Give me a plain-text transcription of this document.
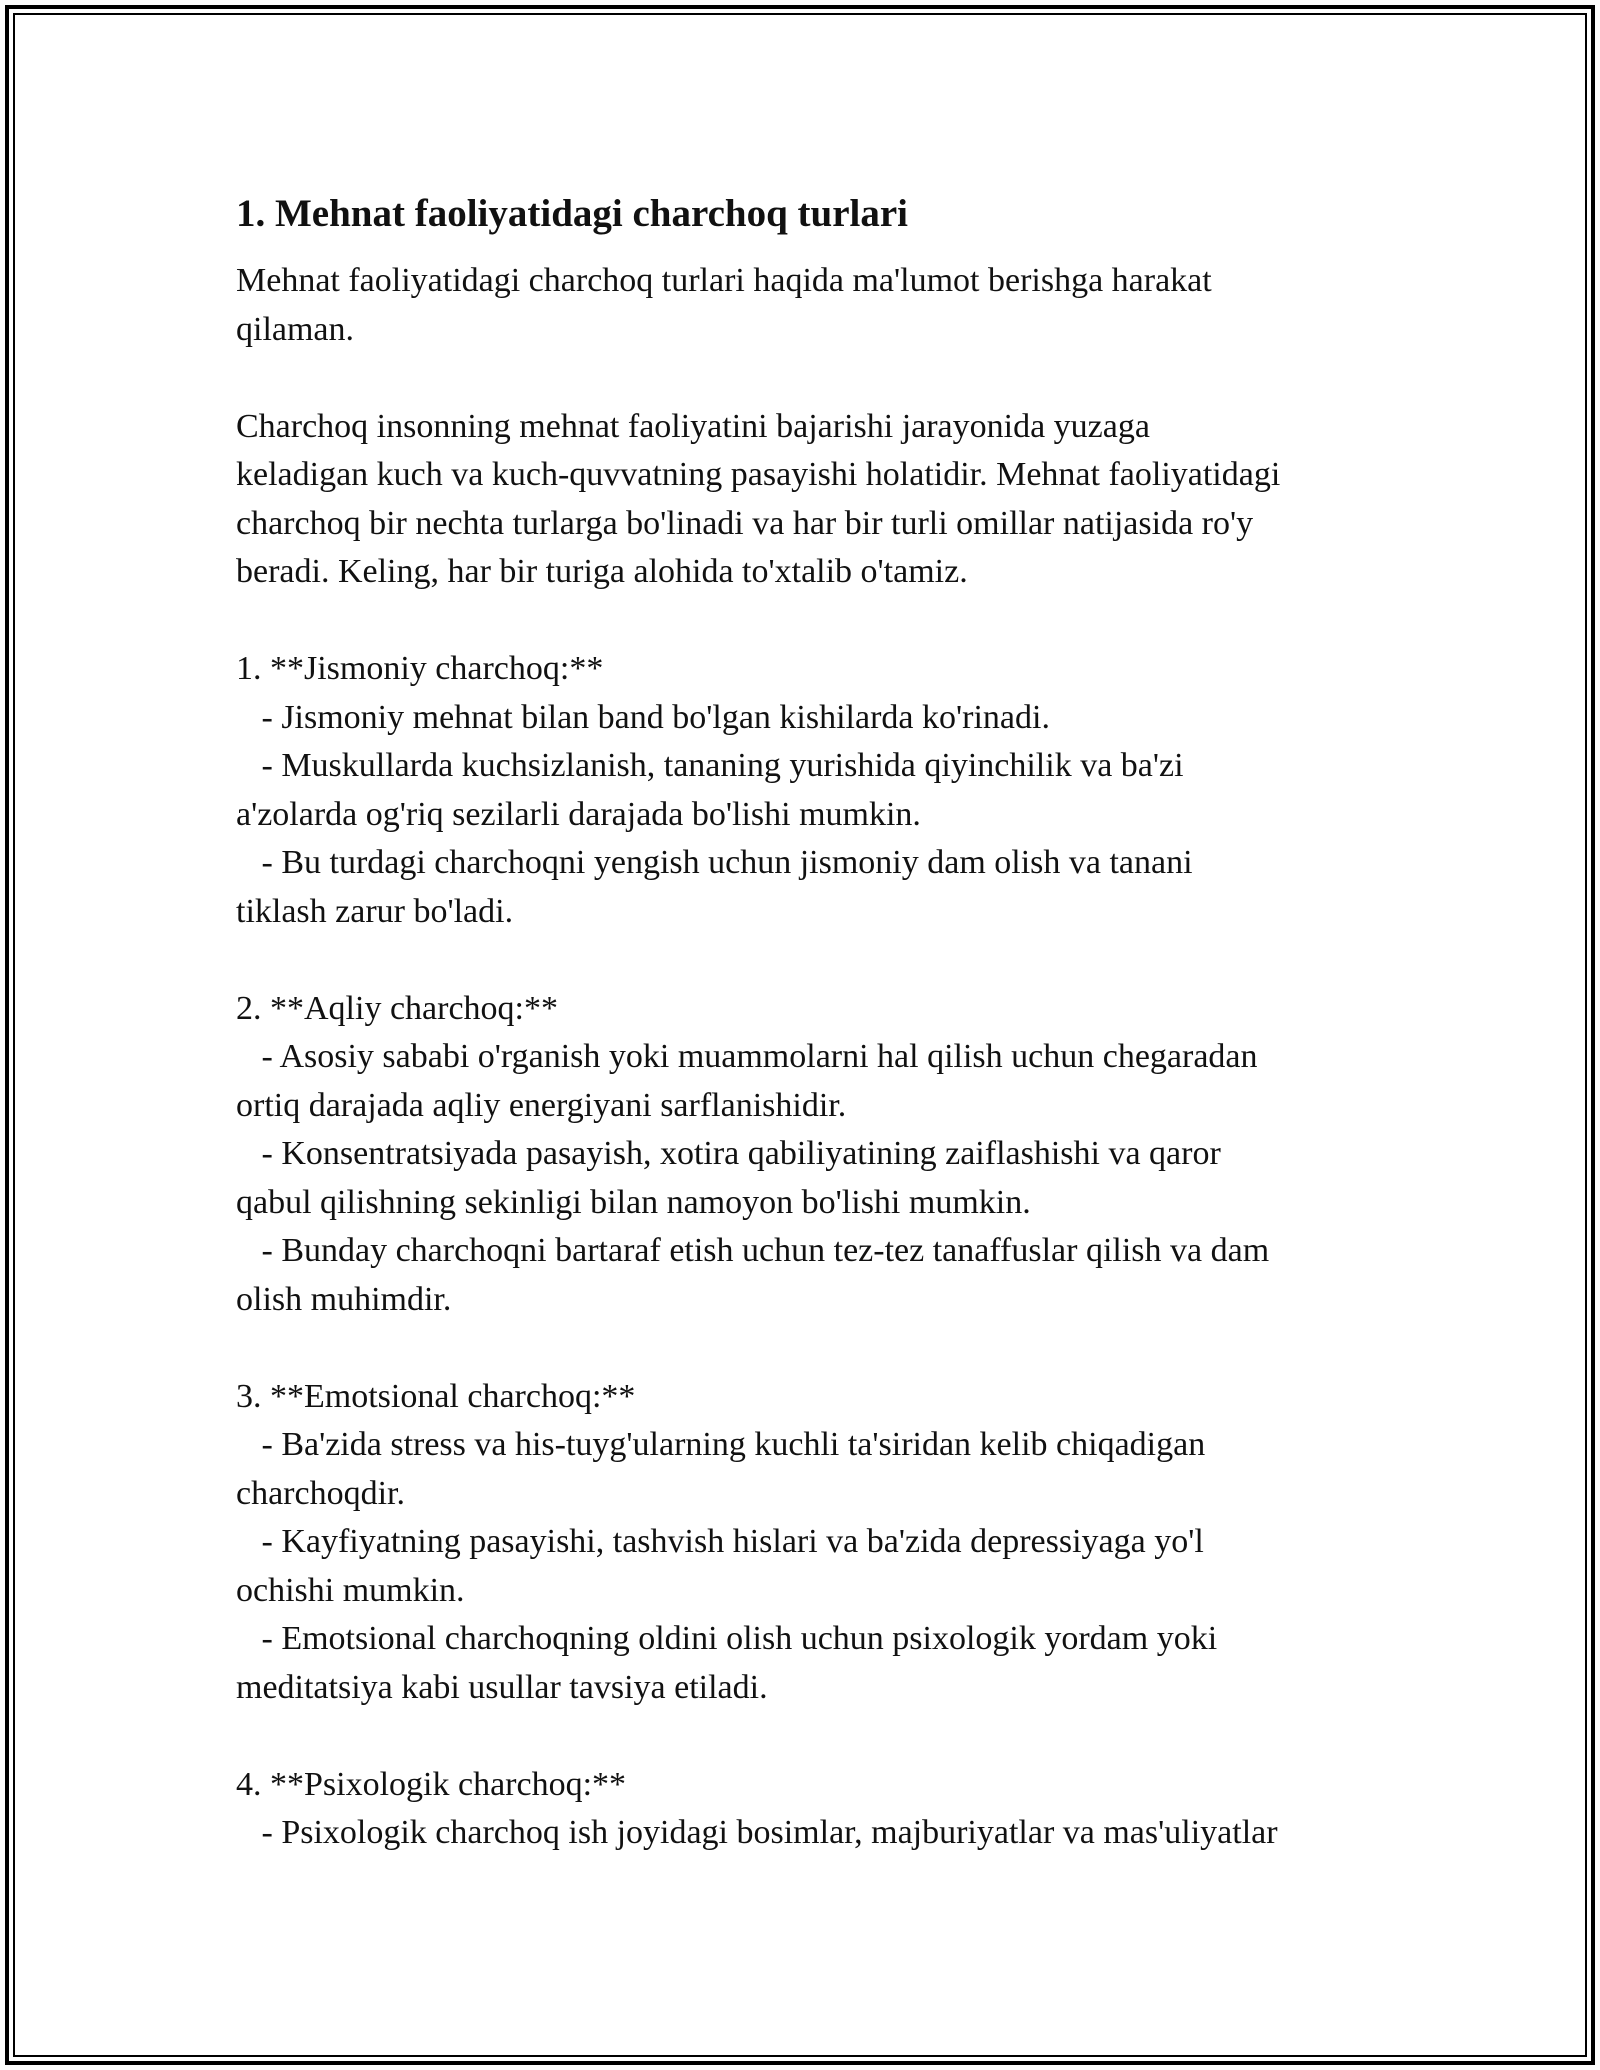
1. Mehnat faoliyatidagi charchoq turlari
Mehnat faoliyatidagi charchoq turlari haqida ma'lumot berishga harakat
qilaman.
Charchoq insonning mehnat faoliyatini bajarishi jarayonida yuzaga
keladigan kuch va kuch-quvvatning pasayishi holatidir. Mehnat faoliyatidagi
charchoq bir nechta turlarga bo'linadi va har bir turli omillar natijasida ro'y
beradi. Keling, har bir turiga alohida to'xtalib o'tamiz.
1. **Jismoniy charchoq:**
- Jismoniy mehnat bilan band bo'lgan kishilarda ko'rinadi.
- Muskullarda kuchsizlanish, tananing yurishida qiyinchilik va ba'zi
a'zolarda og'riq sezilarli darajada bo'lishi mumkin.
- Bu turdagi charchoqni yengish uchun jismoniy dam olish va tanani
tiklash zarur bo'ladi.
2. **Aqliy charchoq:**
- Asosiy sababi o'rganish yoki muammolarni hal qilish uchun chegaradan
ortiq darajada aqliy energiyani sarflanishidir.
- Konsentratsiyada pasayish, xotira qabiliyatining zaiflashishi va qaror
qabul qilishning sekinligi bilan namoyon bo'lishi mumkin.
- Bunday charchoqni bartaraf etish uchun tez-tez tanaffuslar qilish va dam
olish muhimdir.
3. **Emotsional charchoq:**
- Ba'zida stress va his-tuyg'ularning kuchli ta'siridan kelib chiqadigan
charchoqdir.
- Kayfiyatning pasayishi, tashvish hislari va ba'zida depressiyaga yo'l
ochishi mumkin.
- Emotsional charchoqning oldini olish uchun psixologik yordam yoki
meditatsiya kabi usullar tavsiya etiladi.
4. **Psixologik charchoq:**
- Psixologik charchoq ish joyidagi bosimlar, majburiyatlar va mas'uliyatlar
